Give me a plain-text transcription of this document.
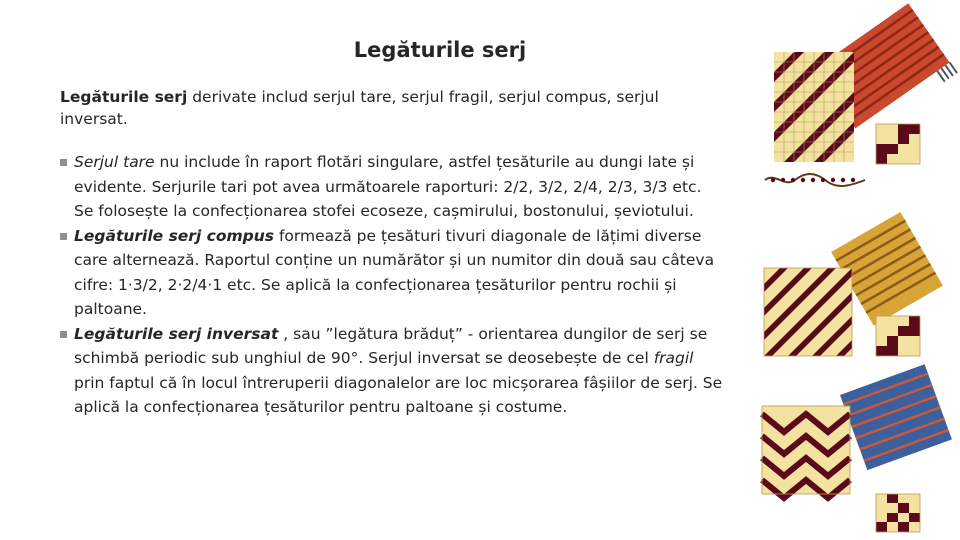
Legăturile serj

Legăturile serj derivate includ serjul tare, serjul fragil, serjul compus, serjul inversat.

Serjul tare nu include în raport flotări singulare, astfel țesăturile au dungi late și evidente. Serjurile tari pot avea următoarele raporturi: 2/2, 3/2, 2/4, 2/3, 3/3 etc. Se folosește la confecționarea stofei ecoseze, cașmirului, bostonului, șeviotului.
Legăturile serj compus formează pe țesături tivuri diagonale de lățimi diverse care alternează. Raportul conține un numărător și un numitor din două sau câteva cifre: 1·3/2, 2·2/4·1 etc. Se aplică la confecționarea țesăturilor pentru rochii și paltoane.
Legăturile serj inversat , sau ”legătura brăduț” - orientarea dungilor de serj se schimbă periodic sub unghiul de 90°. Serjul inversat se deosebește de cel fragil prin faptul că în locul întreruperii diagonalelor are loc micșorarea fâșiilor de serj. Se aplică la confecționarea țesăturilor pentru paltoane și costume.
